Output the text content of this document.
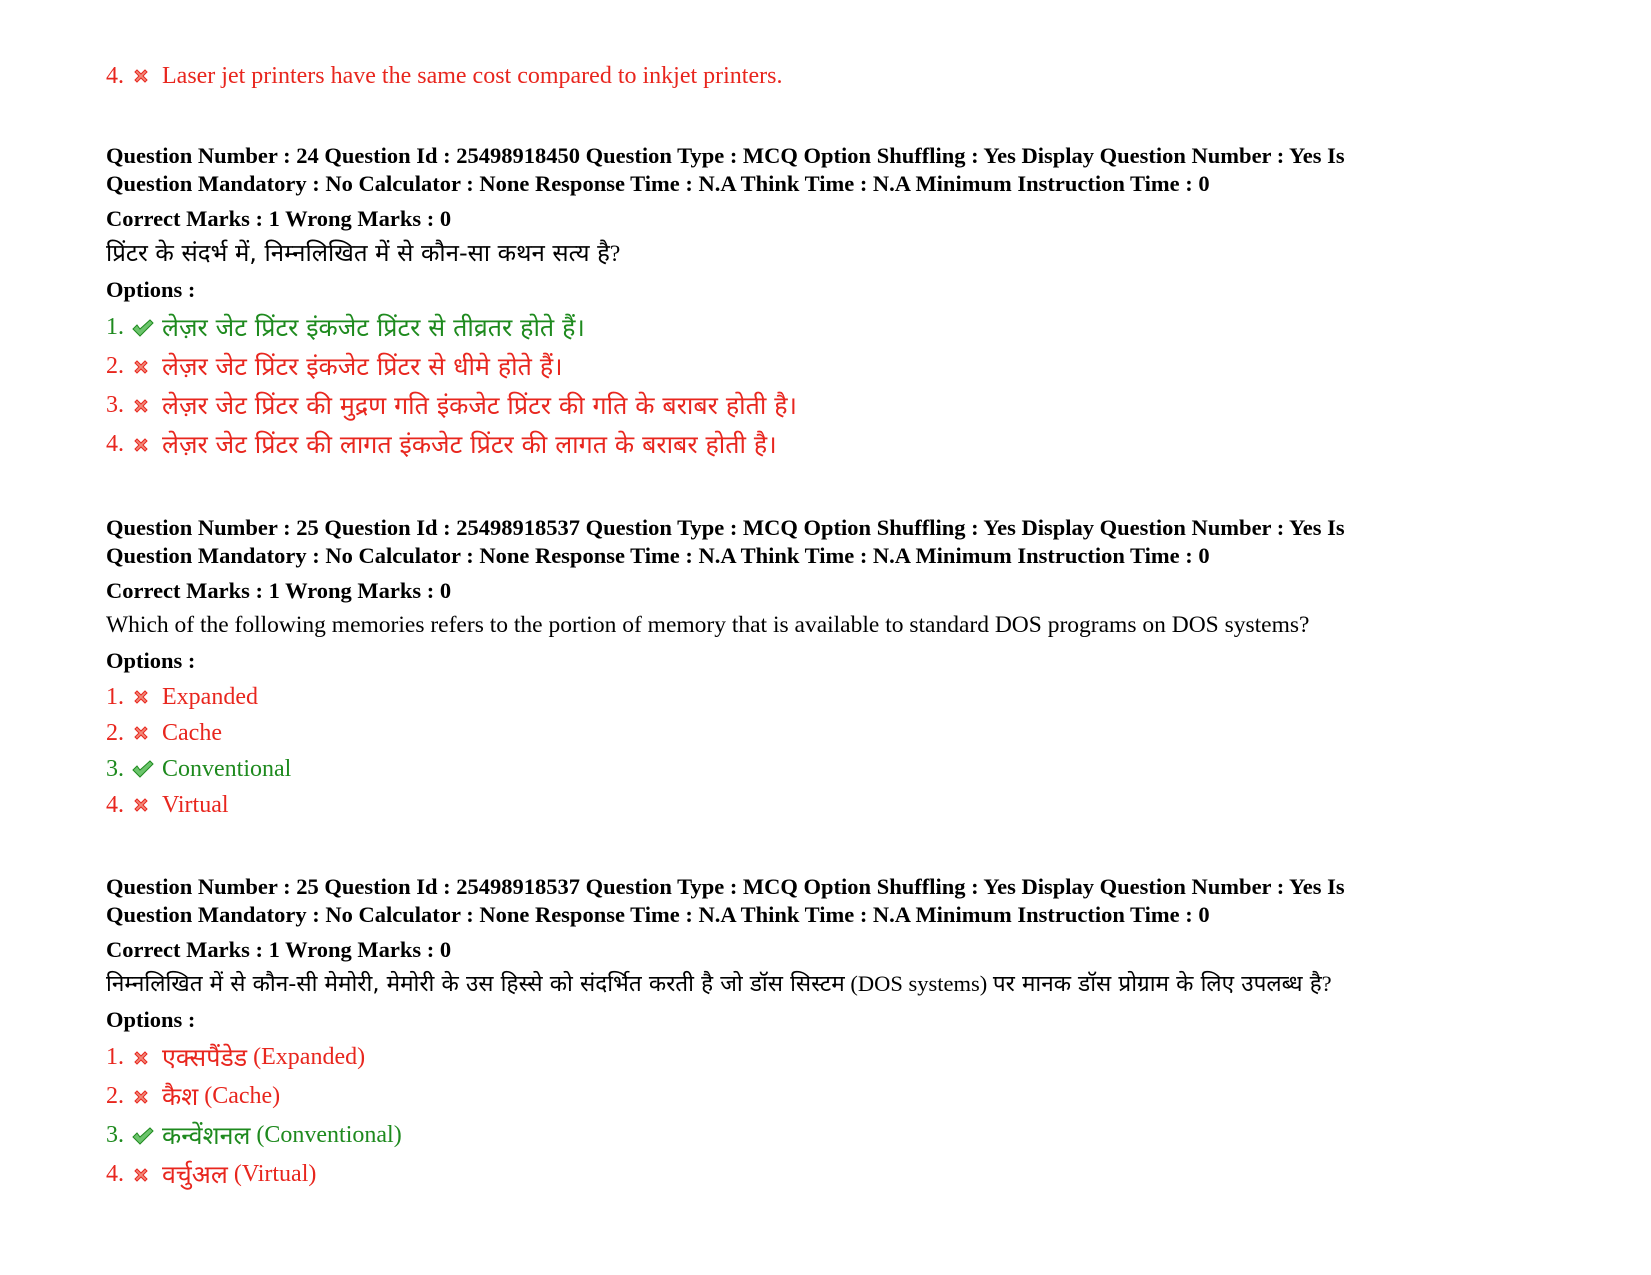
4.	Laser jet printers have the same cost compared to inkjet printers.
Question Number : 24 Question Id : 25498918450 Question Type : MCQ Option Shuffling : Yes Display Question Number : Yes Is
Question Mandatory : No Calculator : None Response Time : N.A Think Time : N.A Minimum Instruction Time : 0
Correct Marks : 1 Wrong Marks : 0
प्रिंटर के संदर्भ में, निम्नलिखित में से कौन-सा कथन सत्य है?
Options :
1.	लेज़र जेट प्रिंटर इंकजेट प्रिंटर से तीव्रतर होते हैं।
2.	लेज़र जेट प्रिंटर इंकजेट प्रिंटर से धीमे होते हैं।
3.	लेज़र जेट प्रिंटर की मुद्रण गति इंकजेट प्रिंटर की गति के बराबर होती है।
4.	लेज़र जेट प्रिंटर की लागत इंकजेट प्रिंटर की लागत के बराबर होती है।
Question Number : 25 Question Id : 25498918537 Question Type : MCQ Option Shuffling : Yes Display Question Number : Yes Is
Question Mandatory : No Calculator : None Response Time : N.A Think Time : N.A Minimum Instruction Time : 0
Correct Marks : 1 Wrong Marks : 0
Which of the following memories refers to the portion of memory that is available to standard DOS programs on DOS systems?
Options :
1.	Expanded
2.	Cache
3.	Conventional
4.	Virtual
Question Number : 25 Question Id : 25498918537 Question Type : MCQ Option Shuffling : Yes Display Question Number : Yes Is
Question Mandatory : No Calculator : None Response Time : N.A Think Time : N.A Minimum Instruction Time : 0
Correct Marks : 1 Wrong Marks : 0
निम्नलिखित में से कौन-सी मेमोरी, मेमोरी के उस हिस्से को संदर्भित करती है जो डॉस सिस्टम (DOS systems) पर मानक डॉस प्रोग्राम के लिए उपलब्ध है?
Options :
1.	एक्सपैंडेड (Expanded)
2.	कैश (Cache)
3.	कन्वेंशनल (Conventional)
4.	वर्चुअल (Virtual)
